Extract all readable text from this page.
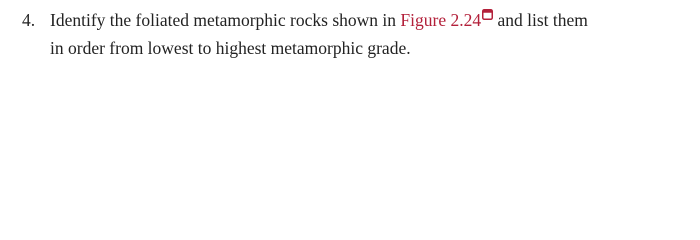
4. Identify the foliated metamorphic rocks shown in Figure 2.24
and list them
in order from lowest to highest metamorphic grade.
